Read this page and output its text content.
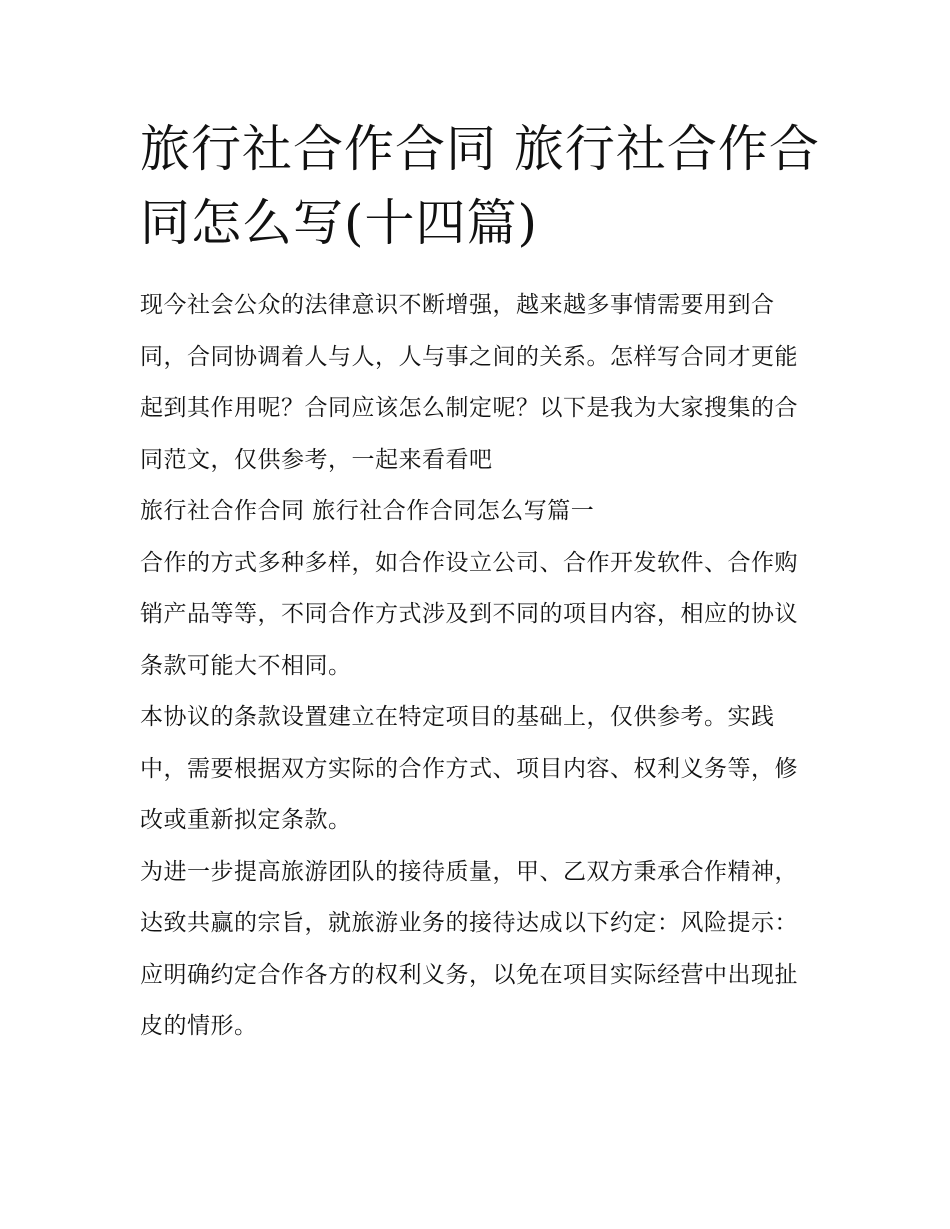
旅行社合作合同 旅行社合作合同怎么写(十四篇)

现今社会公众的法律意识不断增强，越来越多事情需要用到合同，合同协调着人与人，人与事之间的关系。怎样写合同才更能起到其作用呢？合同应该怎么制定呢？以下是我为大家搜集的合同范文，仅供参考，一起来看看吧

旅行社合作合同 旅行社合作合同怎么写篇一

合作的方式多种多样，如合作设立公司、合作开发软件、合作购销产品等等，不同合作方式涉及到不同的项目内容，相应的协议条款可能大不相同。

本协议的条款设置建立在特定项目的基础上，仅供参考。实践中，需要根据双方实际的合作方式、项目内容、权利义务等，修改或重新拟定条款。

为进一步提高旅游团队的接待质量，甲、乙双方秉承合作精神，达致共赢的宗旨，就旅游业务的接待达成以下约定：风险提示：

应明确约定合作各方的权利义务，以免在项目实际经营中出现扯皮的情形。
